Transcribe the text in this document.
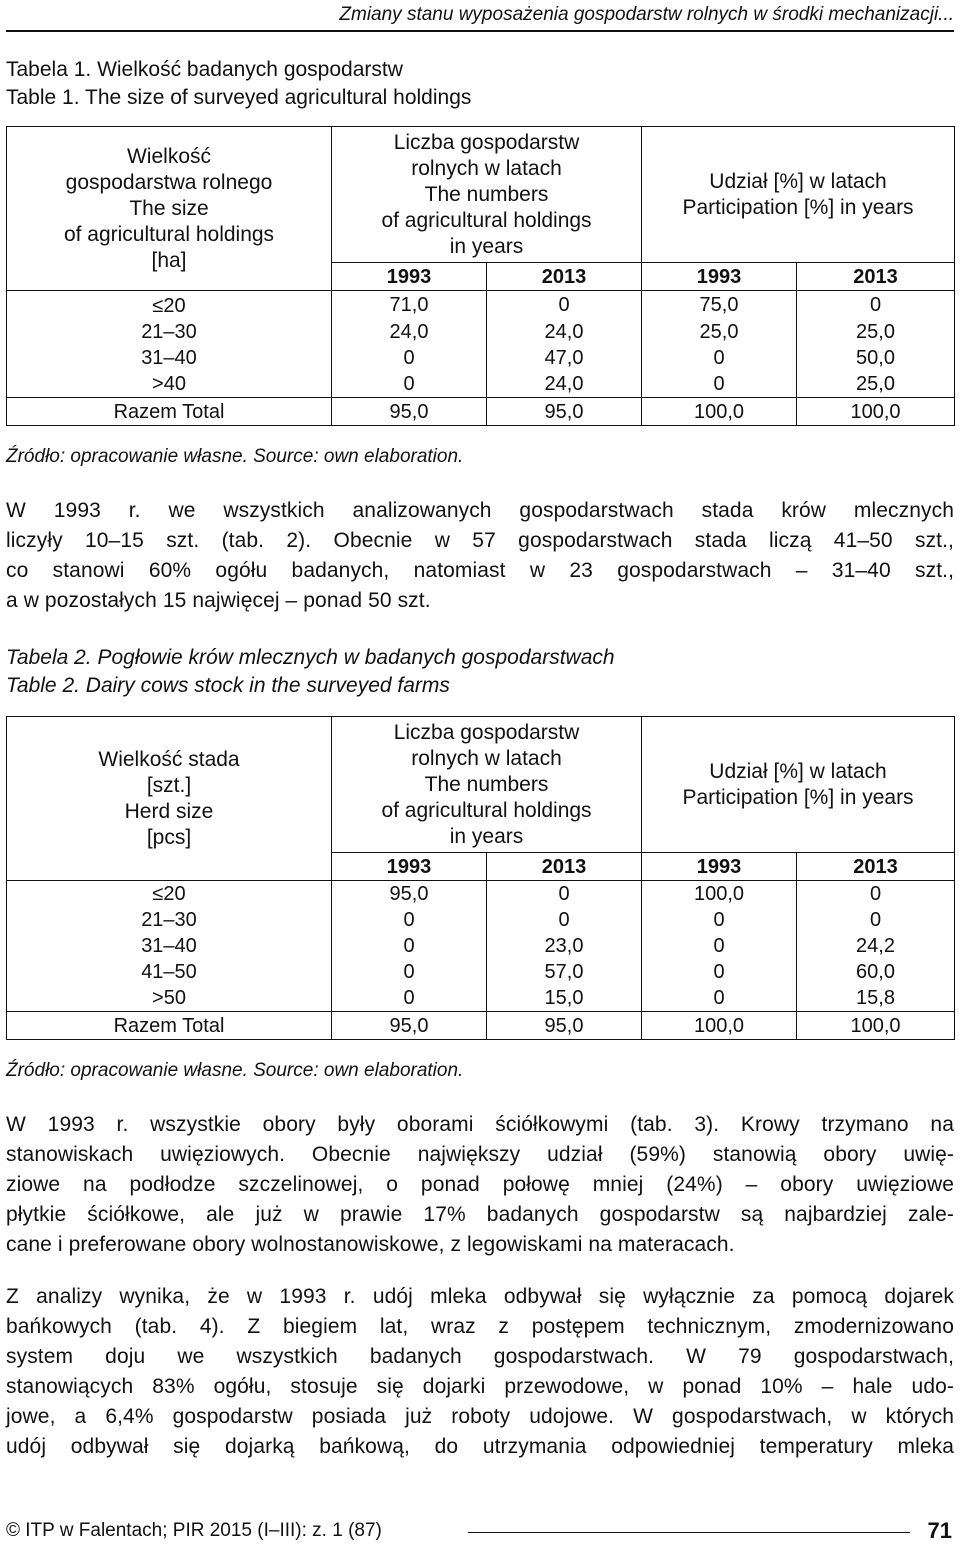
Zmiany stanu wyposażenia gospodarstw rolnych w środki mechanizacji...
Tabela 1. Wielkość badanych gospodarstw
Table 1. The size of surveyed agricultural holdings
Wielkość
gospodarstwa rolnego
The size
of agricultural holdings
[ha]	Liczba gospodarstw
rolnych w latach
The numbers
of agricultural holdings
in years		Udział [%] w latach
Participation [%] in years	

	1993	2013	1993	2013
≤20	71,0	0	75,0	0
21–30	24,0	24,0	25,0	25,0
31–40	0	47,0	0	50,0
>40	0	24,0	0	25,0
Razem Total	95,0	95,0	100,0	100,0
Źródło: opracowanie własne. Source: own elaboration.
W 1993 r. we wszystkich analizowanych gospodarstwach stada krów mlecznych
liczyły 10–15 szt. (tab. 2). Obecnie w 57 gospodarstwach stada liczą 41–50 szt.,
co stanowi 60% ogółu badanych, natomiast w 23 gospodarstwach – 31–40 szt.,
a w pozostałych 15 najwięcej – ponad 50 szt.
Tabela 2. Pogłowie krów mlecznych w badanych gospodarstwach
Table 2. Dairy cows stock in the surveyed farms
Wielkość stada
[szt.]
Herd size
[pcs]	Liczba gospodarstw
rolnych w latach
The numbers
of agricultural holdings
in years		Udział [%] w latach
Participation [%] in years	

	1993	2013	1993	2013
≤20	95,0	0	100,0	0
21–30	0	0	0	0
31–40	0	23,0	0	24,2
41–50	0	57,0	0	60,0
>50	0	15,0	0	15,8
Razem Total	95,0	95,0	100,0	100,0
Źródło: opracowanie własne. Source: own elaboration.
W 1993 r. wszystkie obory były oborami ściółkowymi (tab. 3). Krowy trzymano na
stanowiskach uwięziowych. Obecnie największy udział (59%) stanowią obory uwię-
ziowe na podłodze szczelinowej, o ponad połowę mniej (24%) – obory uwięziowe
płytkie ściółkowe, ale już w prawie 17% badanych gospodarstw są najbardziej zale-
cane i preferowane obory wolnostanowiskowe, z legowiskami na materacach.
Z analizy wynika, że w 1993 r. udój mleka odbywał się wyłącznie za pomocą dojarek
bańkowych (tab. 4). Z biegiem lat, wraz z postępem technicznym, zmodernizowano
system doju we wszystkich badanych gospodarstwach. W 79 gospodarstwach,
stanowiących 83% ogółu, stosuje się dojarki przewodowe, w ponad 10% – hale udo-
jowe, a 6,4% gospodarstw posiada już roboty udojowe. W gospodarstwach, w których
udój odbywał się dojarką bańkową, do utrzymania odpowiedniej temperatury mleka
© ITP w Falentach; PIR 2015 (I–III): z. 1 (87)	71
